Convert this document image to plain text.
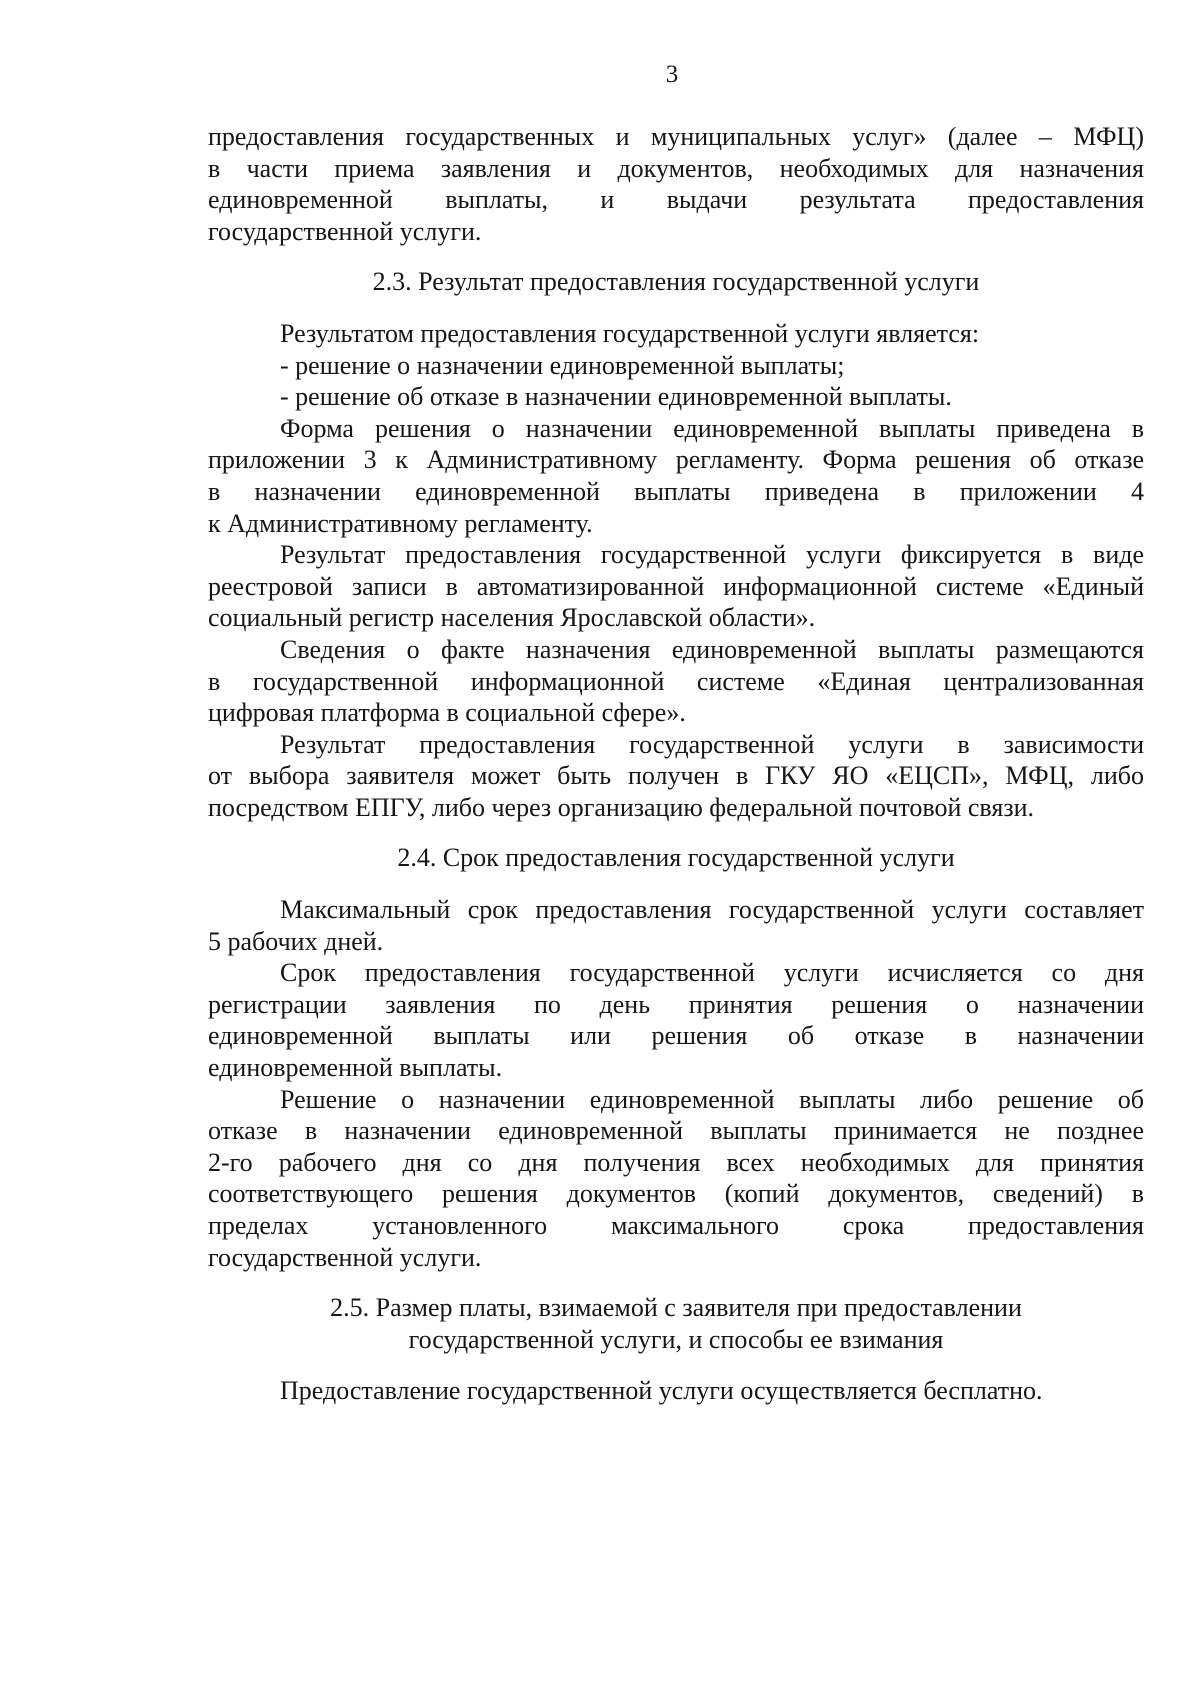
3
предоставления государственных и муниципальных услуг» (далее – МФЦ)
в части приема заявления и документов, необходимых для назначения
единовременной выплаты, и выдачи результата предоставления
государственной услуги.
2.3. Результат предоставления государственной услуги
Результатом предоставления государственной услуги является:
- решение о назначении единовременной выплаты;
- решение об отказе в назначении единовременной выплаты.
Форма решения о назначении единовременной выплаты приведена в
приложении 3 к Административному регламенту. Форма решения об отказе
в назначении единовременной выплаты приведена в приложении 4
к Административному регламенту.
Результат предоставления государственной услуги фиксируется в виде
реестровой записи в автоматизированной информационной системе «Единый
социальный регистр населения Ярославской области».
Сведения о факте назначения единовременной выплаты размещаются
в государственной информационной системе «Единая централизованная
цифровая платформа в социальной сфере».
Результат предоставления государственной услуги в зависимости
от выбора заявителя может быть получен в ГКУ ЯО «ЕЦСП», МФЦ, либо
посредством ЕПГУ, либо через организацию федеральной почтовой связи.
2.4. Срок предоставления государственной услуги
Максимальный срок предоставления государственной услуги составляет
5 рабочих дней.
Срок предоставления государственной услуги исчисляется со дня
регистрации заявления по день принятия решения о назначении
единовременной выплаты или решения об отказе в назначении
единовременной выплаты.
Решение о назначении единовременной выплаты либо решение об
отказе в назначении единовременной выплаты принимается не позднее
2-го рабочего дня со дня получения всех необходимых для принятия
соответствующего решения документов (копий документов, сведений) в
пределах установленного максимального срока предоставления
государственной услуги.
2.5. Размер платы, взимаемой с заявителя при предоставлении
государственной услуги, и способы ее взимания
Предоставление государственной услуги осуществляется бесплатно.
